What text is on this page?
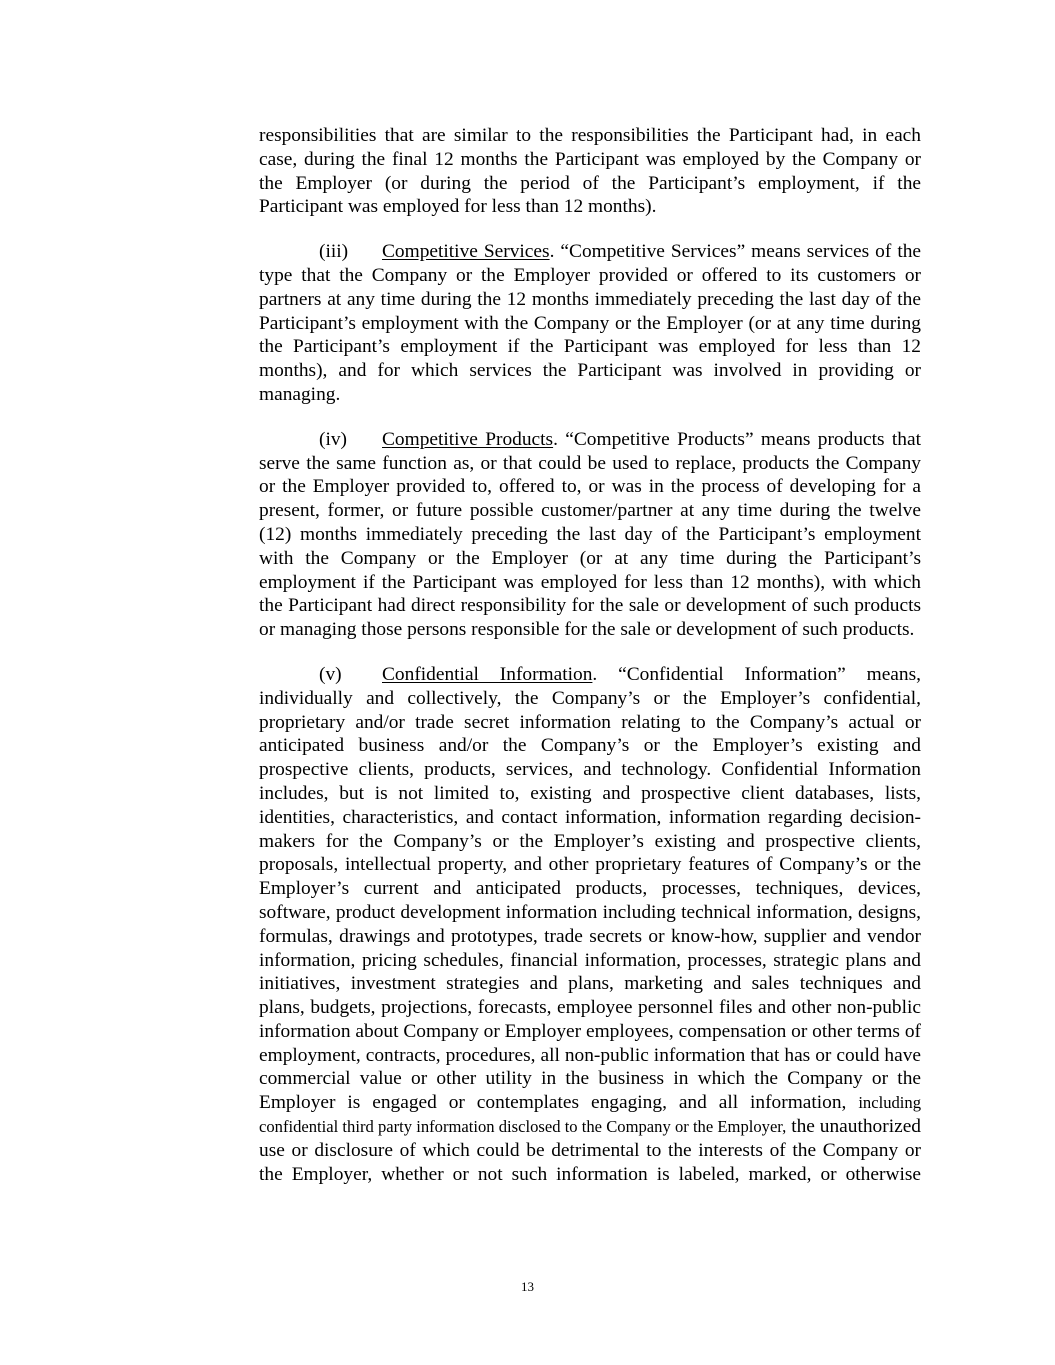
responsibilities that are similar to the responsibilities the Participant had, in each case, during the final 12 months the Participant was employed by the Company or the Employer (or during the period of the Participant’s employment, if the Participant was employed for less than 12 months).

(iii) Competitive Services. “Competitive Services” means services of the type that the Company or the Employer provided or offered to its customers or partners at any time during the 12 months immediately preceding the last day of the Participant’s employment with the Company or the Employer (or at any time during the Participant’s employment if the Participant was employed for less than 12 months), and for which services the Participant was involved in providing or managing.

(iv) Competitive Products. “Competitive Products” means products that serve the same function as, or that could be used to replace, products the Company or the Employer provided to, offered to, or was in the process of developing for a present, former, or future possible customer/partner at any time during the twelve (12) months immediately preceding the last day of the Participant’s employment with the Company or the Employer (or at any time during the Participant’s employment if the Participant was employed for less than 12 months), with which the Participant had direct responsibility for the sale or development of such products or managing those persons responsible for the sale or development of such products.

(v) Confidential Information. “Confidential Information” means, individually and collectively, the Company’s or the Employer’s confidential, proprietary and/or trade secret information relating to the Company’s actual or anticipated business and/or the Company’s or the Employer’s existing and prospective clients, products, services, and technology. Confidential Information includes, but is not limited to, existing and prospective client databases, lists, identities, characteristics, and contact information, information regarding decision-makers for the Company’s or the Employer’s existing and prospective clients, proposals, intellectual property, and other proprietary features of Company’s or the Employer’s current and anticipated products, processes, techniques, devices, software, product development information including technical information, designs, formulas, drawings and prototypes, trade secrets or know-how, supplier and vendor information, pricing schedules, financial information, processes, strategic plans and initiatives, investment strategies and plans, marketing and sales techniques and plans, budgets, projections, forecasts, employee personnel files and other non-public information about Company or Employer employees, compensation or other terms of employment, contracts, procedures, all non-public information that has or could have commercial value or other utility in the business in which the Company or the Employer is engaged or contemplates engaging, and all information, including confidential third party information disclosed to the Company or the Employer, the unauthorized use or disclosure of which could be detrimental to the interests of the Company or the Employer, whether or not such information is labeled, marked, or otherwise

13
